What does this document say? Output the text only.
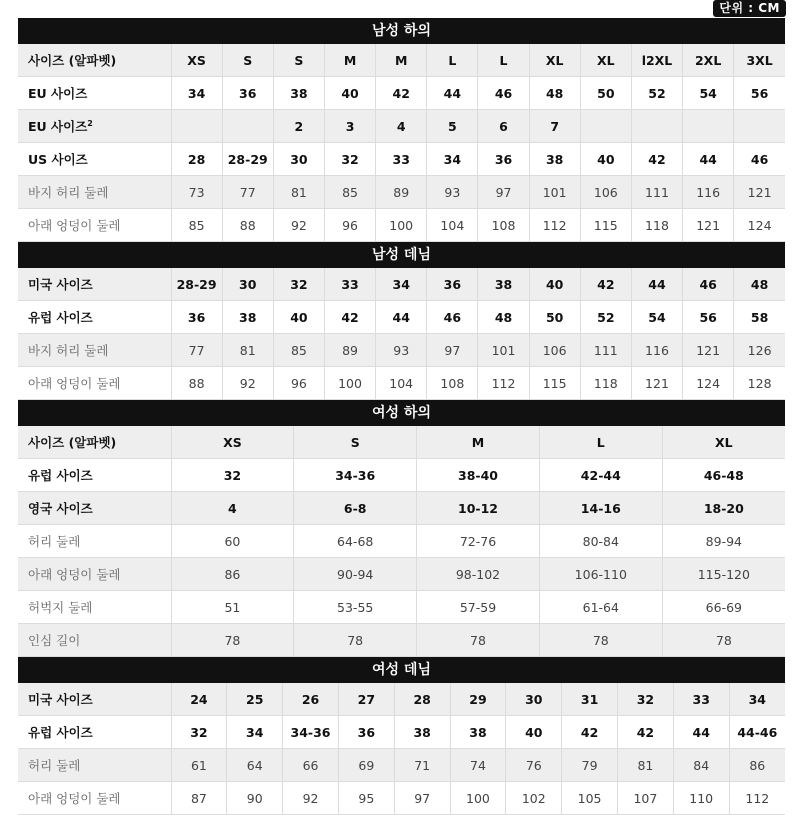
단위 : CM
남성 하의
사이즈 (알파벳)	XS	S	S	M	M	L	L	XL	XL	l2XL	2XL	3XL
EU 사이즈	34	36	38	40	42	44	46	48	50	52	54	56
EU 사이즈$^2$			2	3	4	5	6	7				
US 사이즈	28	28-29	30	32	33	34	36	38	40	42	44	46
바지 허리 둘레	73	77	81	85	89	93	97	101	106	111	116	121
아래 엉덩이 둘레	85	88	92	96	100	104	108	112	115	118	121	124
남성 데님
미국 사이즈	28-29	30	32	33	34	36	38	40	42	44	46	48
유럽 사이즈	36	38	40	42	44	46	48	50	52	54	56	58
바지 허리 둘레	77	81	85	89	93	97	101	106	111	116	121	126
아래 엉덩이 둘레	88	92	96	100	104	108	112	115	118	121	124	128
여성 하의
사이즈 (알파벳)	XS	S	M	L	XL
유럽 사이즈	32	34-36	38-40	42-44	46-48
영국 사이즈	4	6-8	10-12	14-16	18-20
허리 둘레	60	64-68	72-76	80-84	89-94
아래 엉덩이 둘레	86	90-94	98-102	106-110	115-120
허벅지 둘레	51	53-55	57-59	61-64	66-69
인심 길이	78	78	78	78	78
여성 데님
미국 사이즈	24	25	26	27	28	29	30	31	32	33	34
유럽 사이즈	32	34	34-36	36	38	38	40	42	42	44	44-46
허리 둘레	61	64	66	69	71	74	76	79	81	84	86
아래 엉덩이 둘레	87	90	92	95	97	100	102	105	107	110	112
